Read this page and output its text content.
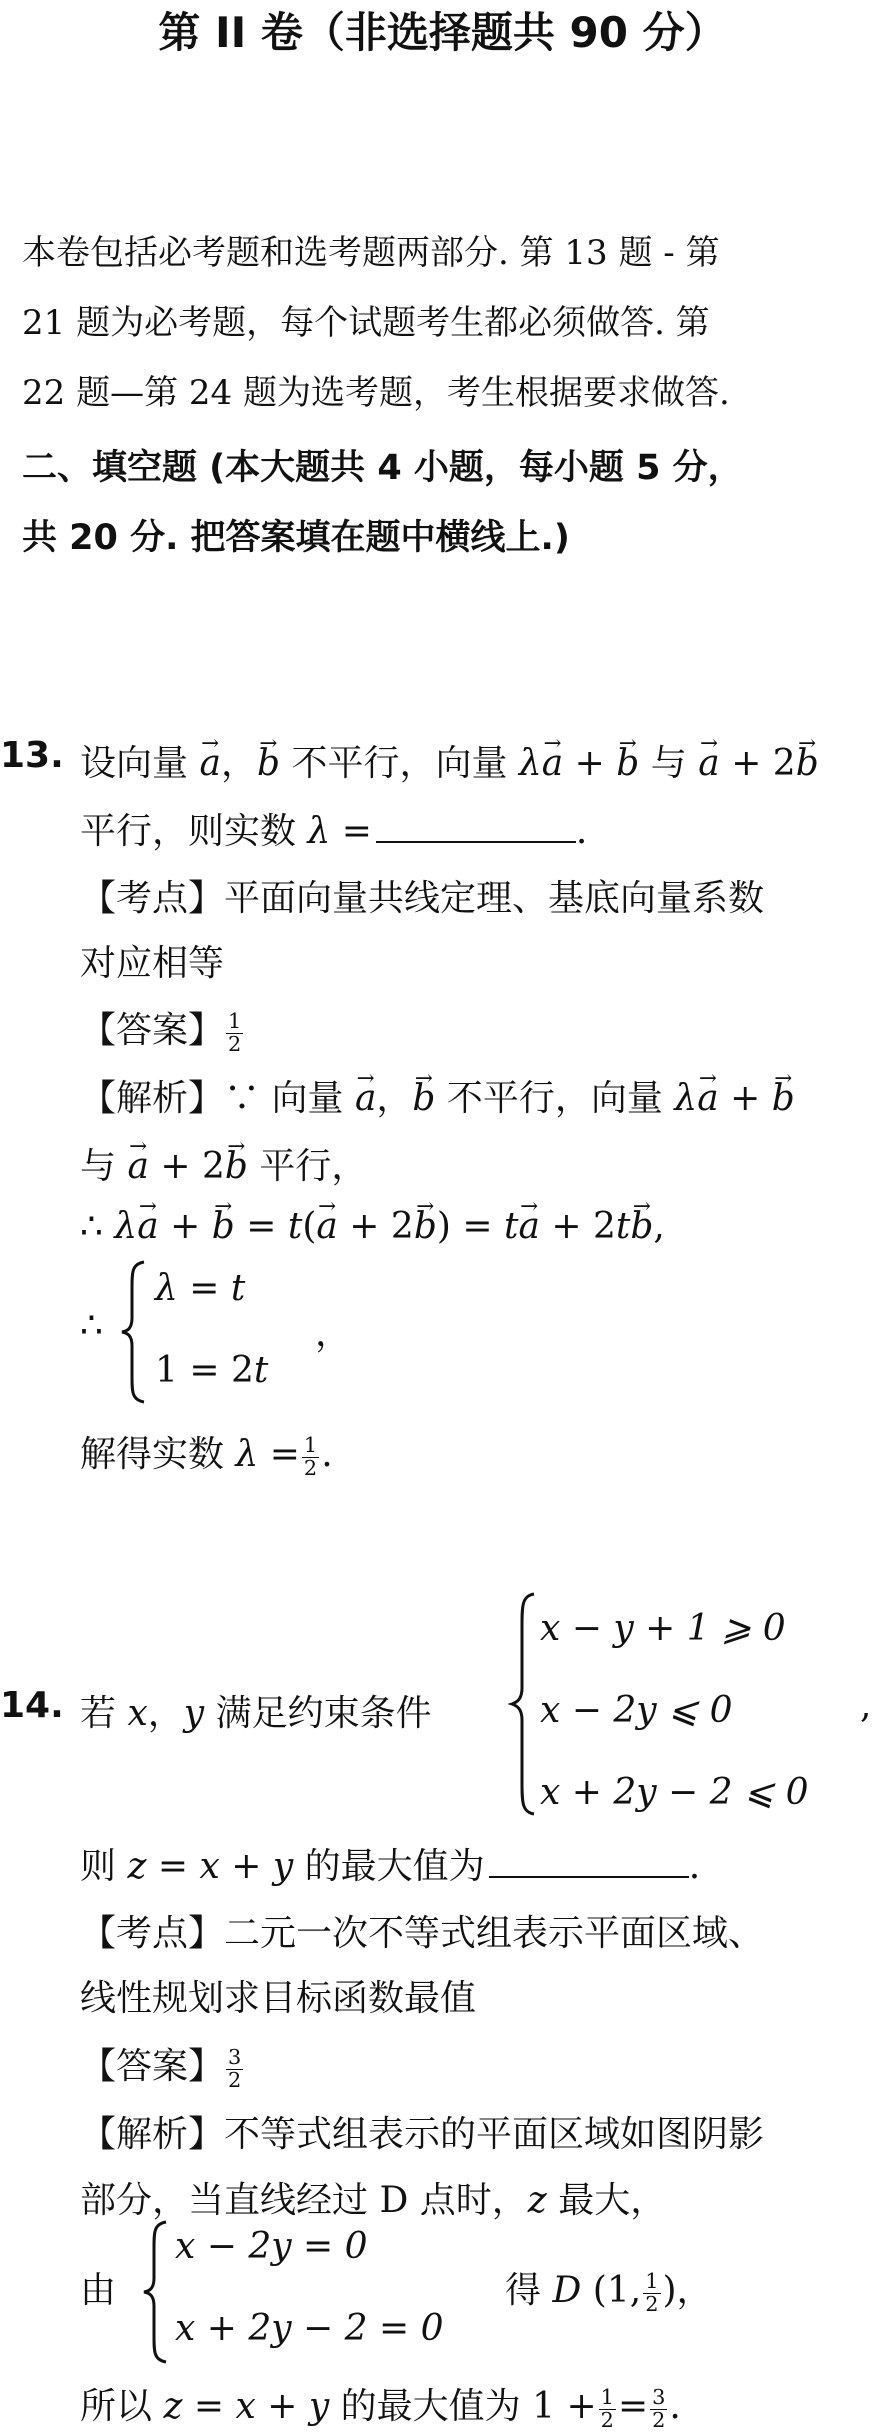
第 II 卷（非选择题共 90 分）
本卷包括必考题和选考题两部分. 第 13 题 - 第
21 题为必考题，每个试题考生都必须做答. 第
22 题—第 24 题为选考题，考生根据要求做答.
二、填空题 (本大题共 4 小题，每小题 5 分，
共 20 分. 把答案填在题中横线上.)
13. 设向量 → a，→ b 不平行，向量 λ→ a + → b 与 → a + 2→ b
平行，则实数 λ =	.
【考点】平面向量共线定理、基底向量系数
对应相等
【答案】 $\frac{1}{2}$
【解析】∵ 向量 → a，→ b 不平行，向量 λ→ a + → b
与 → a + 2→ b 平行，
∴ λ→ a + → b = t(→ a + 2→ b) = t→ a + 2t→ b,
∴
λ = t
1 = 2t
，
解得实数 $\lambda = \frac{1}{2}$ .
14. 若 x，y 满足约束条件
x − y + 1 ⩾ 0
x − 2y ⩽ 0
x + 2y − 2 ⩽ 0
,
则 z = x + y 的最大值为	.
【考点】二元一次不等式组表示平面区域、
线性规划求目标函数最值
【答案】 $\frac{3}{2}$
【解析】不等式组表示的平面区域如图阴影
部分，当直线经过 D 点时，z 最大，
由
x − 2y = 0
x + 2y − 2 = 0
得 D (1, $\frac{1}{2}$ )，
所以 z = x + y 的最大值为 $1 + \frac{1}{2} = \frac{3}{2}$ .
